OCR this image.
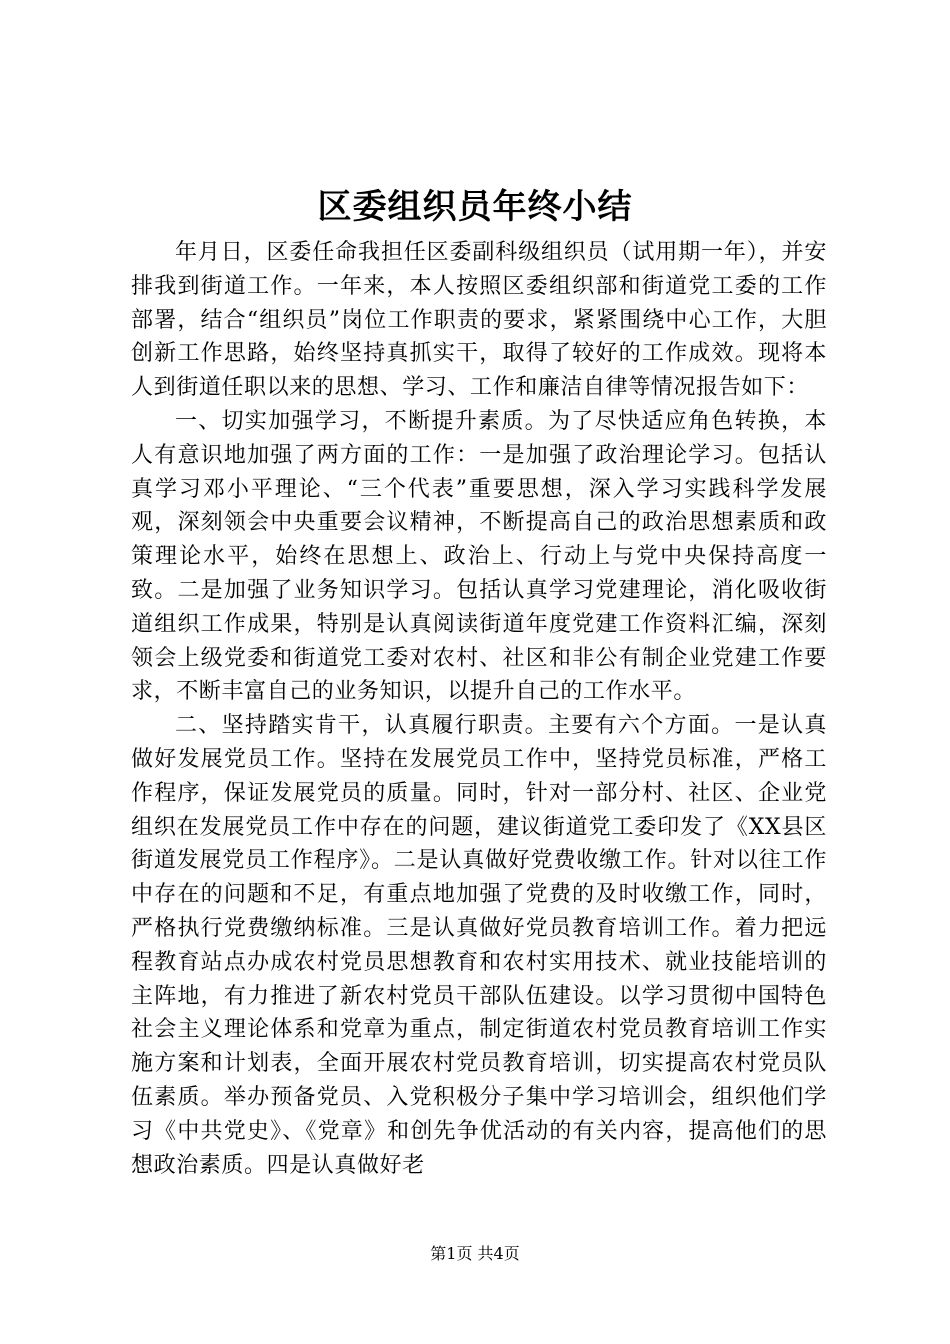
区委组织员年终小结

年月日，区委任命我担任区委副科级组织员（试用期一年），并安排我到街道工作。一年来，本人按照区委组织部和街道党工委的工作部署，结合“组织员”岗位工作职责的要求，紧紧围绕中心工作，大胆创新工作思路，始终坚持真抓实干，取得了较好的工作成效。现将本人到街道任职以来的思想、学习、工作和廉洁自律等情况报告如下：

一、切实加强学习，不断提升素质。为了尽快适应角色转换，本人有意识地加强了两方面的工作：一是加强了政治理论学习。包括认真学习邓小平理论、“三个代表”重要思想，深入学习实践科学发展观，深刻领会中央重要会议精神，不断提高自己的政治思想素质和政策理论水平，始终在思想上、政治上、行动上与党中央保持高度一致。二是加强了业务知识学习。包括认真学习党建理论，消化吸收街道组织工作成果，特别是认真阅读街道年度党建工作资料汇编，深刻领会上级党委和街道党工委对农村、社区和非公有制企业党建工作要求，不断丰富自己的业务知识，以提升自己的工作水平。

二、坚持踏实肯干，认真履行职责。主要有六个方面。一是认真做好发展党员工作。坚持在发展党员工作中，坚持党员标准，严格工作程序，保证发展党员的质量。同时，针对一部分村、社区、企业党组织在发展党员工作中存在的问题，建议街道党工委印发了《XX县区街道发展党员工作程序》。二是认真做好党费收缴工作。针对以往工作中存在的问题和不足，有重点地加强了党费的及时收缴工作，同时，严格执行党费缴纳标准。三是认真做好党员教育培训工作。着力把远程教育站点办成农村党员思想教育和农村实用技术、就业技能培训的主阵地，有力推进了新农村党员干部队伍建设。以学习贯彻中国特色社会主义理论体系和党章为重点，制定街道农村党员教育培训工作实施方案和计划表，全面开展农村党员教育培训，切实提高农村党员队伍素质。举办预备党员、入党积极分子集中学习培训会，组织他们学习《中共党史》、《党章》和创先争优活动的有关内容，提高他们的思想政治素质。四是认真做好老

第1页 共4页
